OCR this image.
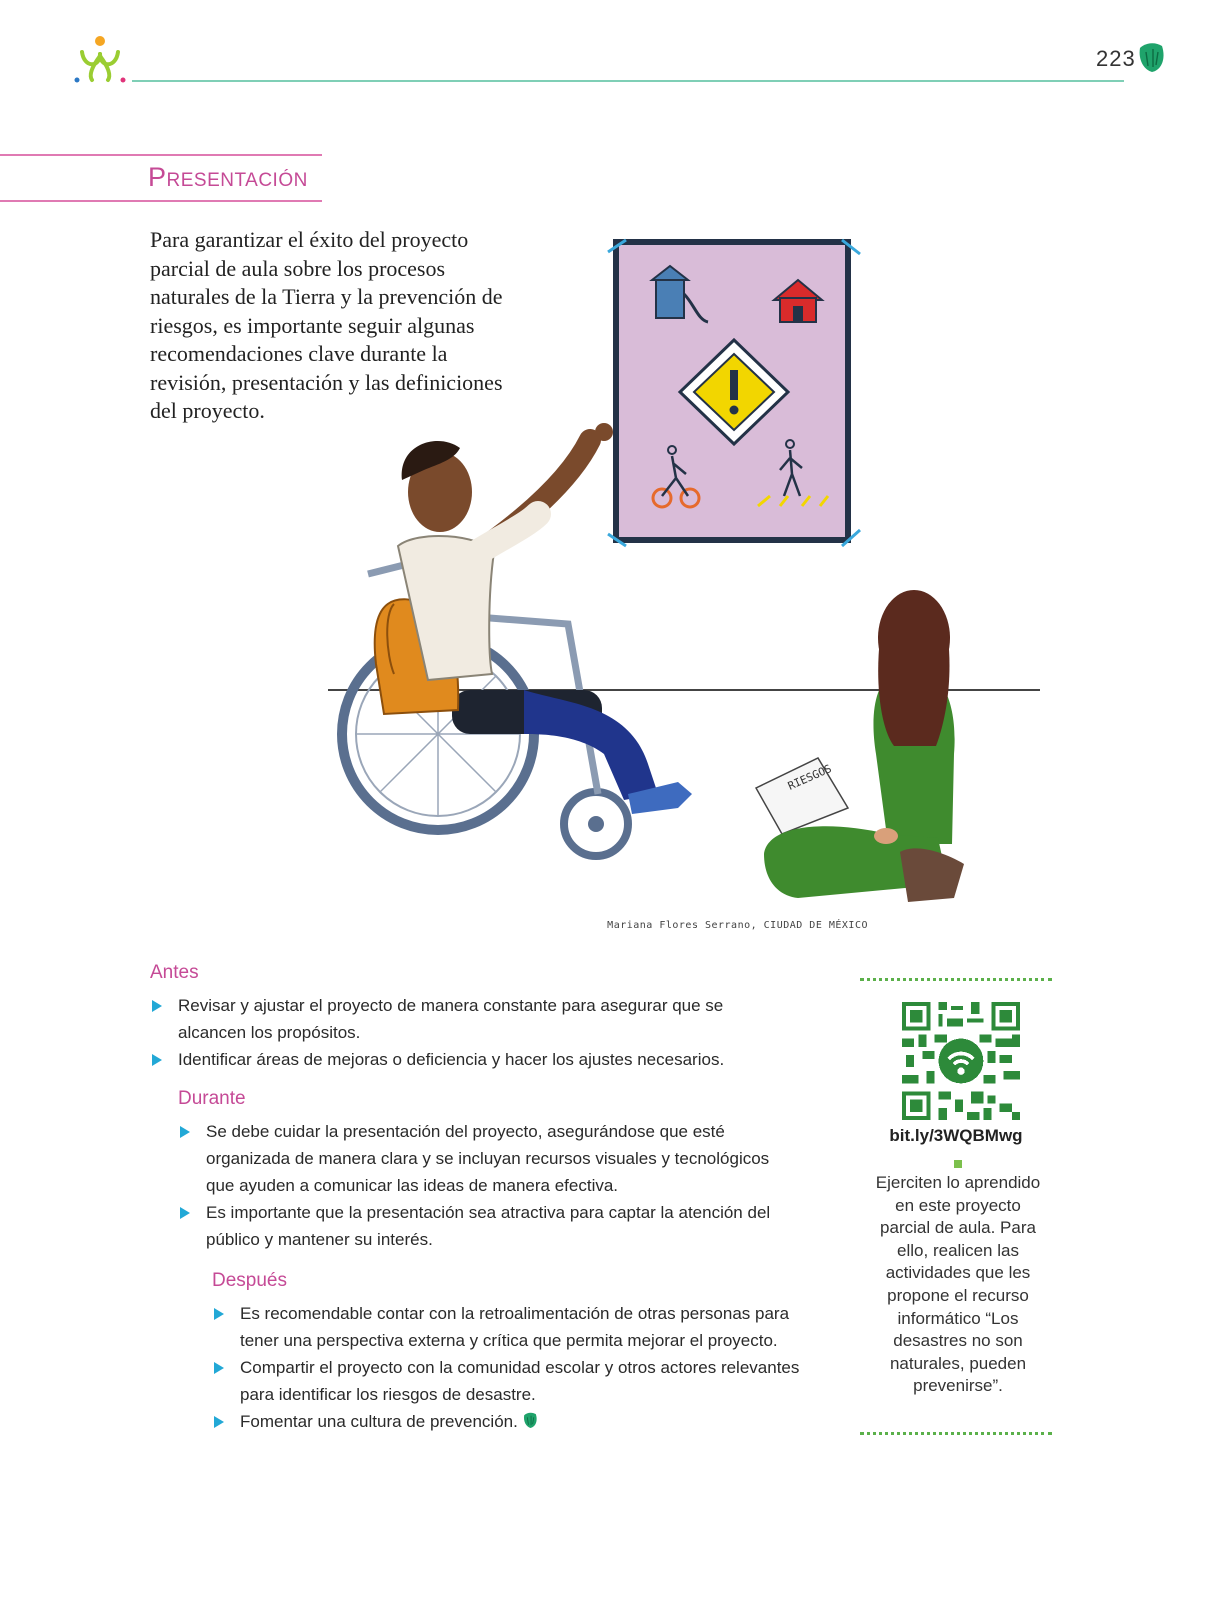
223
Presentación
Para garantizar el éxito del proyecto parcial de aula sobre los procesos naturales de la Tierra y la prevención de riesgos, es importante seguir algunas recomendaciones clave durante la revisión, presentación y las definiciones del proyecto.
RIESGOS
Mariana Flores Serrano, CIUDAD DE MÉXICO
Antes
Revisar y ajustar el proyecto de manera constante para asegurar que se alcancen los propósitos.
Identificar áreas de mejoras o deficiencia y hacer los ajustes necesarios.
Durante
Se debe cuidar la presentación del proyecto, asegurándose que esté organizada de manera clara y se incluyan recursos visuales y tecnológicos que ayuden a comunicar las ideas de manera efectiva.
Es importante que la presentación sea atractiva para captar la atención del público y mantener su interés.
Después
Es recomendable contar con la retroalimentación de otras personas para tener una perspectiva externa y crítica que permita mejorar el proyecto.
Compartir el proyecto con la comunidad escolar y otros actores relevantes para identificar los riesgos de desastre.
Fomentar una cultura de prevención.
bit.ly/3WQBMwg
Ejerciten lo aprendido en este proyecto parcial de aula. Para ello, realicen las actividades que les propone el recurso informático “Los desastres no son naturales, pueden prevenirse”.
